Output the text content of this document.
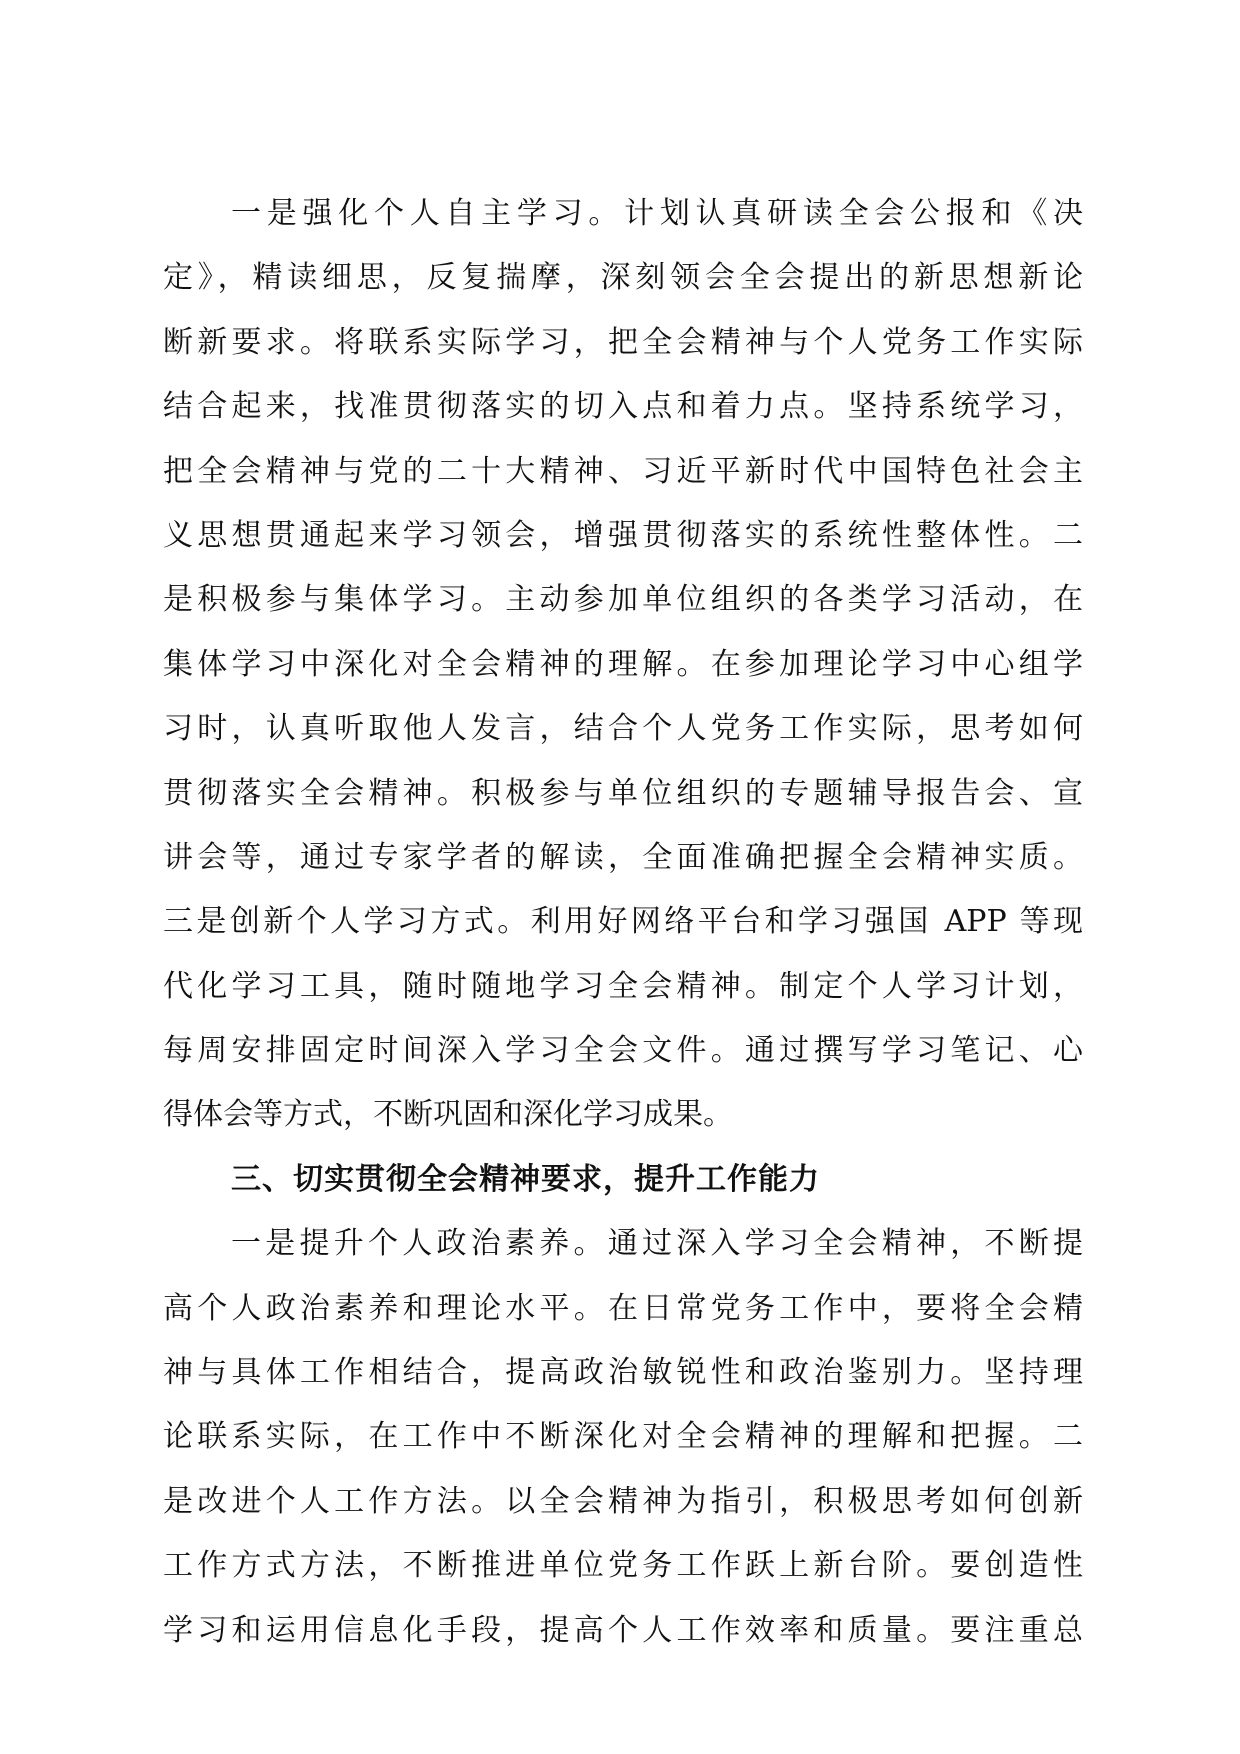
一是强化个人自主学习。计划认真研读全会公报和《决
定》，精读细思，反复揣摩，深刻领会全会提出的新思想新论
断新要求。将联系实际学习，把全会精神与个人党务工作实际
结合起来，找准贯彻落实的切入点和着力点。坚持系统学习，
把全会精神与党的二十大精神、习近平新时代中国特色社会主
义思想贯通起来学习领会，增强贯彻落实的系统性整体性。二
是积极参与集体学习。主动参加单位组织的各类学习活动，在
集体学习中深化对全会精神的理解。在参加理论学习中心组学
习时，认真听取他人发言，结合个人党务工作实际，思考如何
贯彻落实全会精神。积极参与单位组织的专题辅导报告会、宣
讲会等，通过专家学者的解读，全面准确把握全会精神实质。
三是创新个人学习方式。利用好网络平台和学习强国 APP 等现
代化学习工具，随时随地学习全会精神。制定个人学习计划，
每周安排固定时间深入学习全会文件。通过撰写学习笔记、心
得体会等方式，不断巩固和深化学习成果。
三、切实贯彻全会精神要求，提升工作能力
一是提升个人政治素养。通过深入学习全会精神，不断提
高个人政治素养和理论水平。在日常党务工作中，要将全会精
神与具体工作相结合，提高政治敏锐性和政治鉴别力。坚持理
论联系实际，在工作中不断深化对全会精神的理解和把握。二
是改进个人工作方法。以全会精神为指引，积极思考如何创新
工作方式方法，不断推进单位党务工作跃上新台阶。要创造性
学习和运用信息化手段，提高个人工作效率和质量。要注重总
